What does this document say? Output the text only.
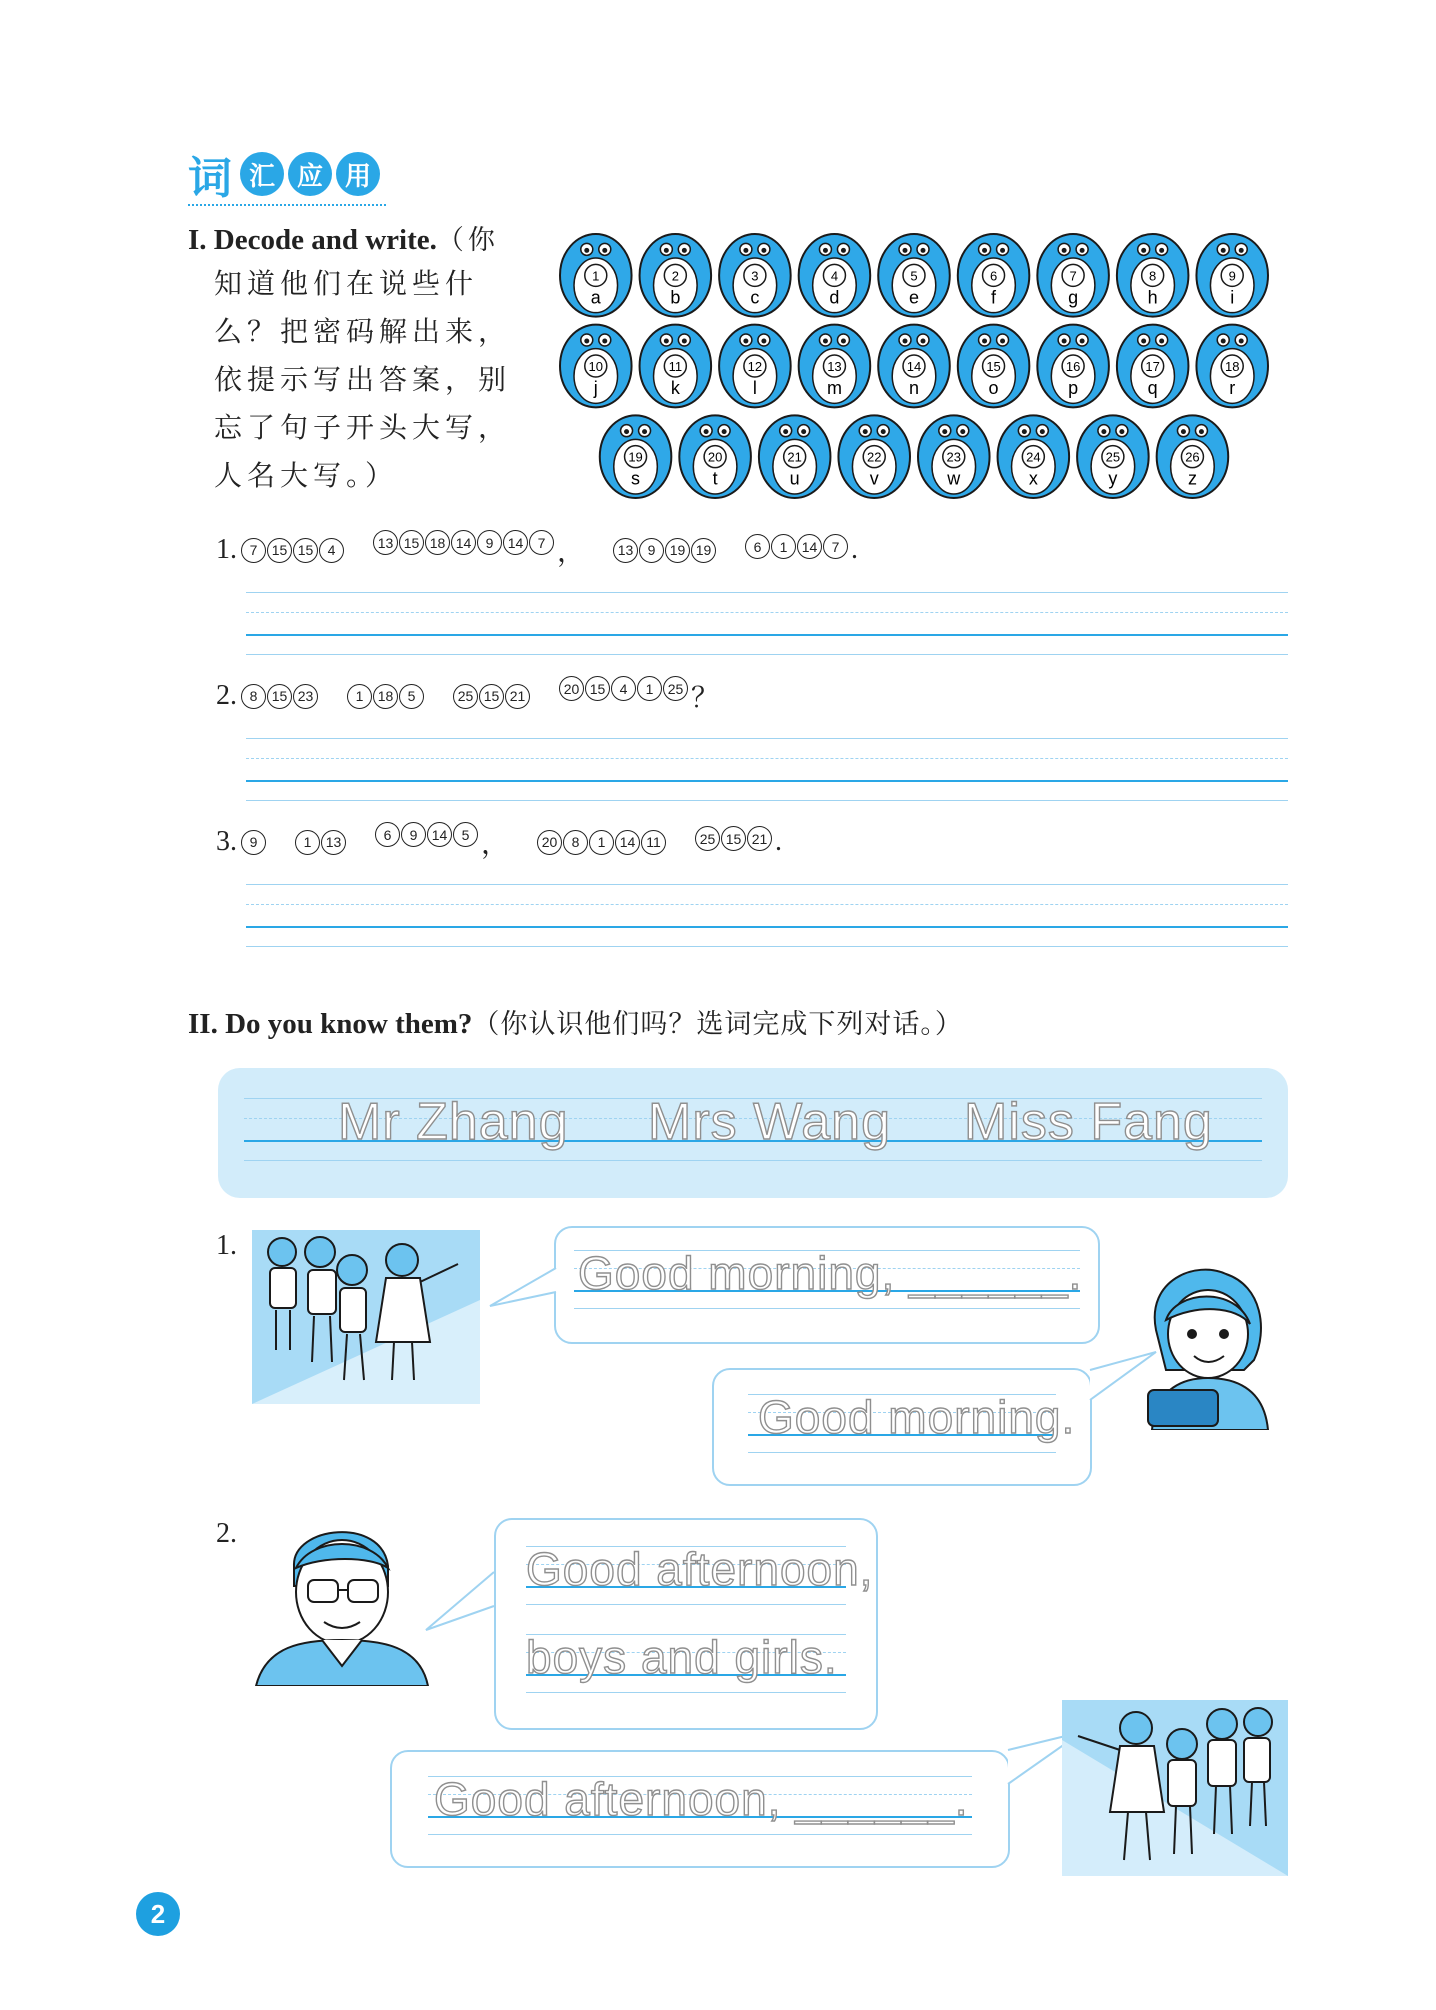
词 汇 应 用
I. Decode and write. （你
知道他们在说些什
么？把密码解出来，
依提示写出答案，别
忘了句子开头大写，
人名大写。）
1
a
2
b
3
c
4
d
5
e
6
f
7
g
8
h
9
i
10
j
11
k
12
l
13
m
14
n
15
o
16
p
17
q
18
r
19
s
20
t
21
u
22
v
23
w
24
x
25
y
26
z
1. 7	15 15	4	13 15 18 14	9	14	7 ，	13	9	19 19	6	1	14	7 .
2. 8	15 23	1	18	5	25 15 21	20 15	4	1	25 ？
3. 9	1	13	6	9	14	5 ，	20	8	1	14 11	25 15 21 .
II. Do you know them? （你认识他们吗？选词完成下列对话。）
Mr Zhang Mrs Wang Miss Fang
1.
Good morning, ______.
Good morning.
2.
Good afternoon,
boys and girls.
Good afternoon, ______.
2
